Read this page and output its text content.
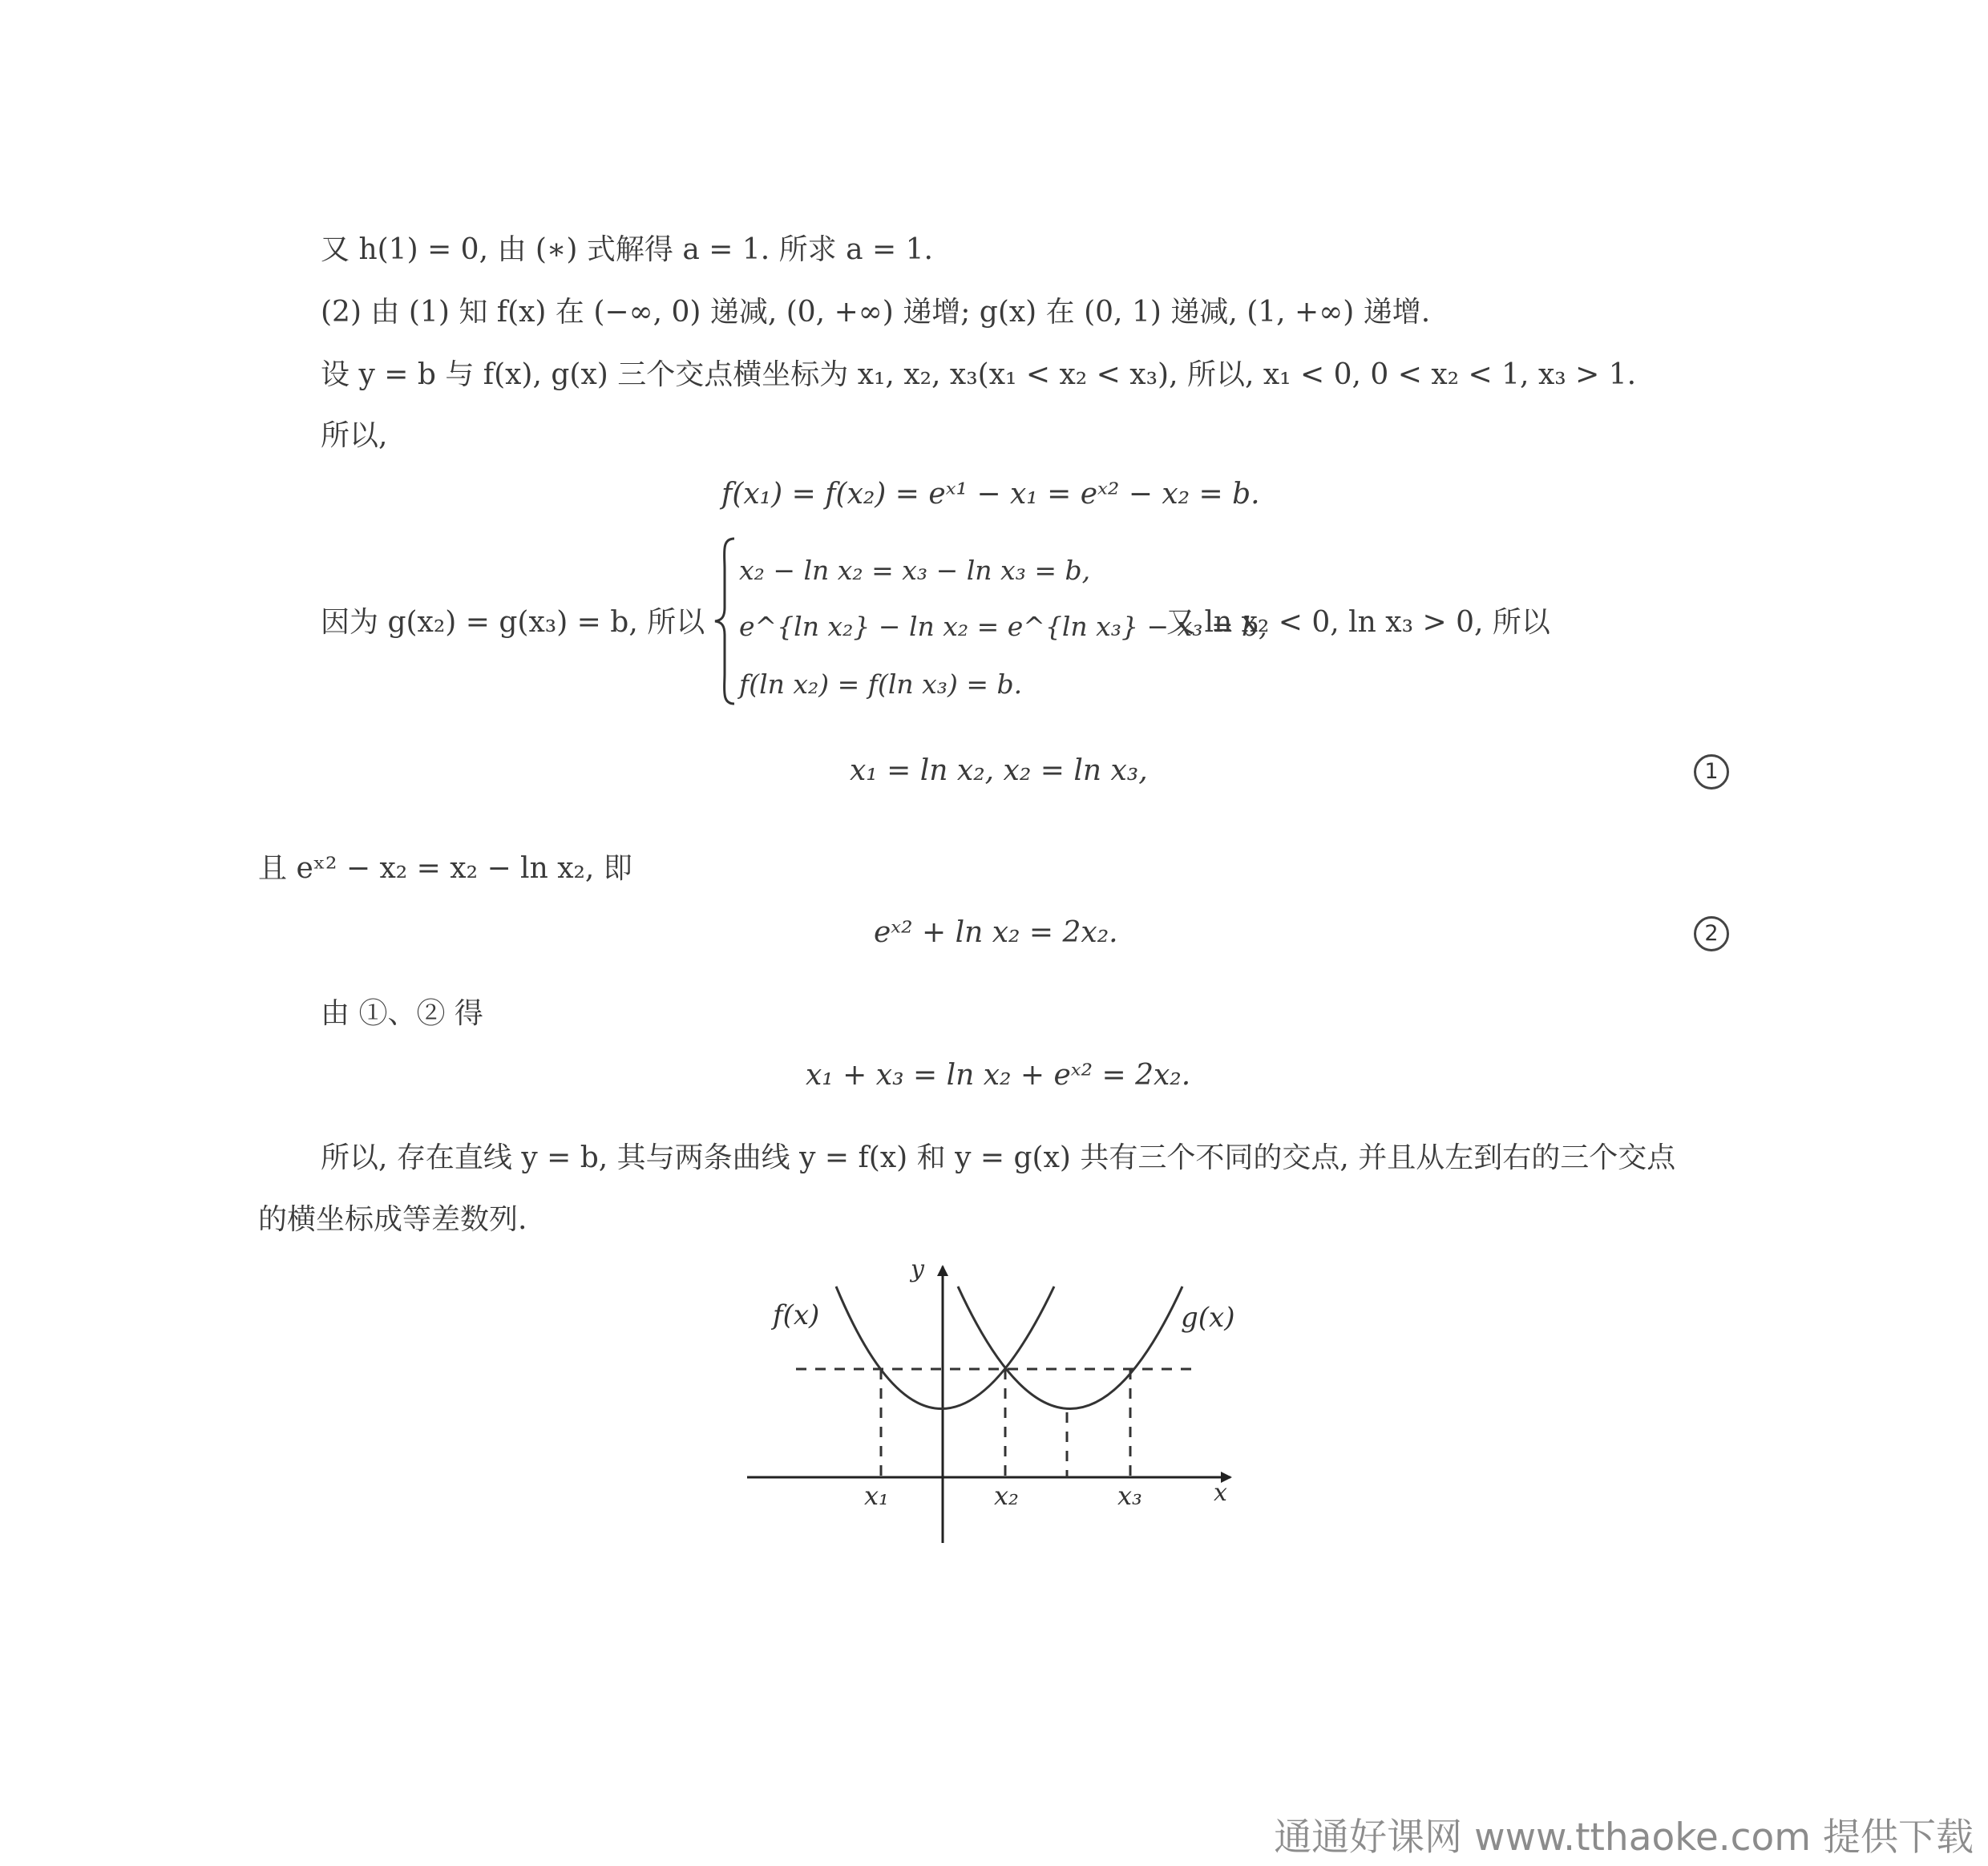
又 h(1) = 0, 由 (∗) 式解得 a = 1. 所求 a = 1.
(2) 由 (1) 知 f(x) 在 (−∞, 0) 递减, (0, +∞) 递增; g(x) 在 (0, 1) 递减, (1, +∞) 递增.
设 y = b 与 f(x), g(x) 三个交点横坐标为 x₁, x₂, x₃(x₁ < x₂ < x₃), 所以, x₁ < 0, 0 < x₂ < 1, x₃ > 1.
所以,
f(x₁) = f(x₂) = eˣ¹ − x₁ = eˣ² − x₂ = b.
因为 g(x₂) = g(x₃) = b, 所以
x₂ − ln x₂ = x₃ − ln x₃ = b,
e^{ln x₂} − ln x₂ = e^{ln x₃} − x₃ = b,
f(ln x₂) = f(ln x₃) = b.
又 ln x₂ < 0, ln x₃ > 0, 所以
x₁ = ln x₂, x₂ = ln x₃,	1
且 eˣ² − x₂ = x₂ − ln x₂, 即
eˣ² + ln x₂ = 2x₂.	2
由 ①、② 得
x₁ + x₃ = ln x₂ + eˣ² = 2x₂.
所以, 存在直线 y = b, 其与两条曲线 y = f(x) 和 y = g(x) 共有三个不同的交点, 并且从左到右的三个交点
的横坐标成等差数列.
f(x)	g(x)
y
x
x₁	x₂	x₃
通通好课网 www.tthaoke.com 提供下载
